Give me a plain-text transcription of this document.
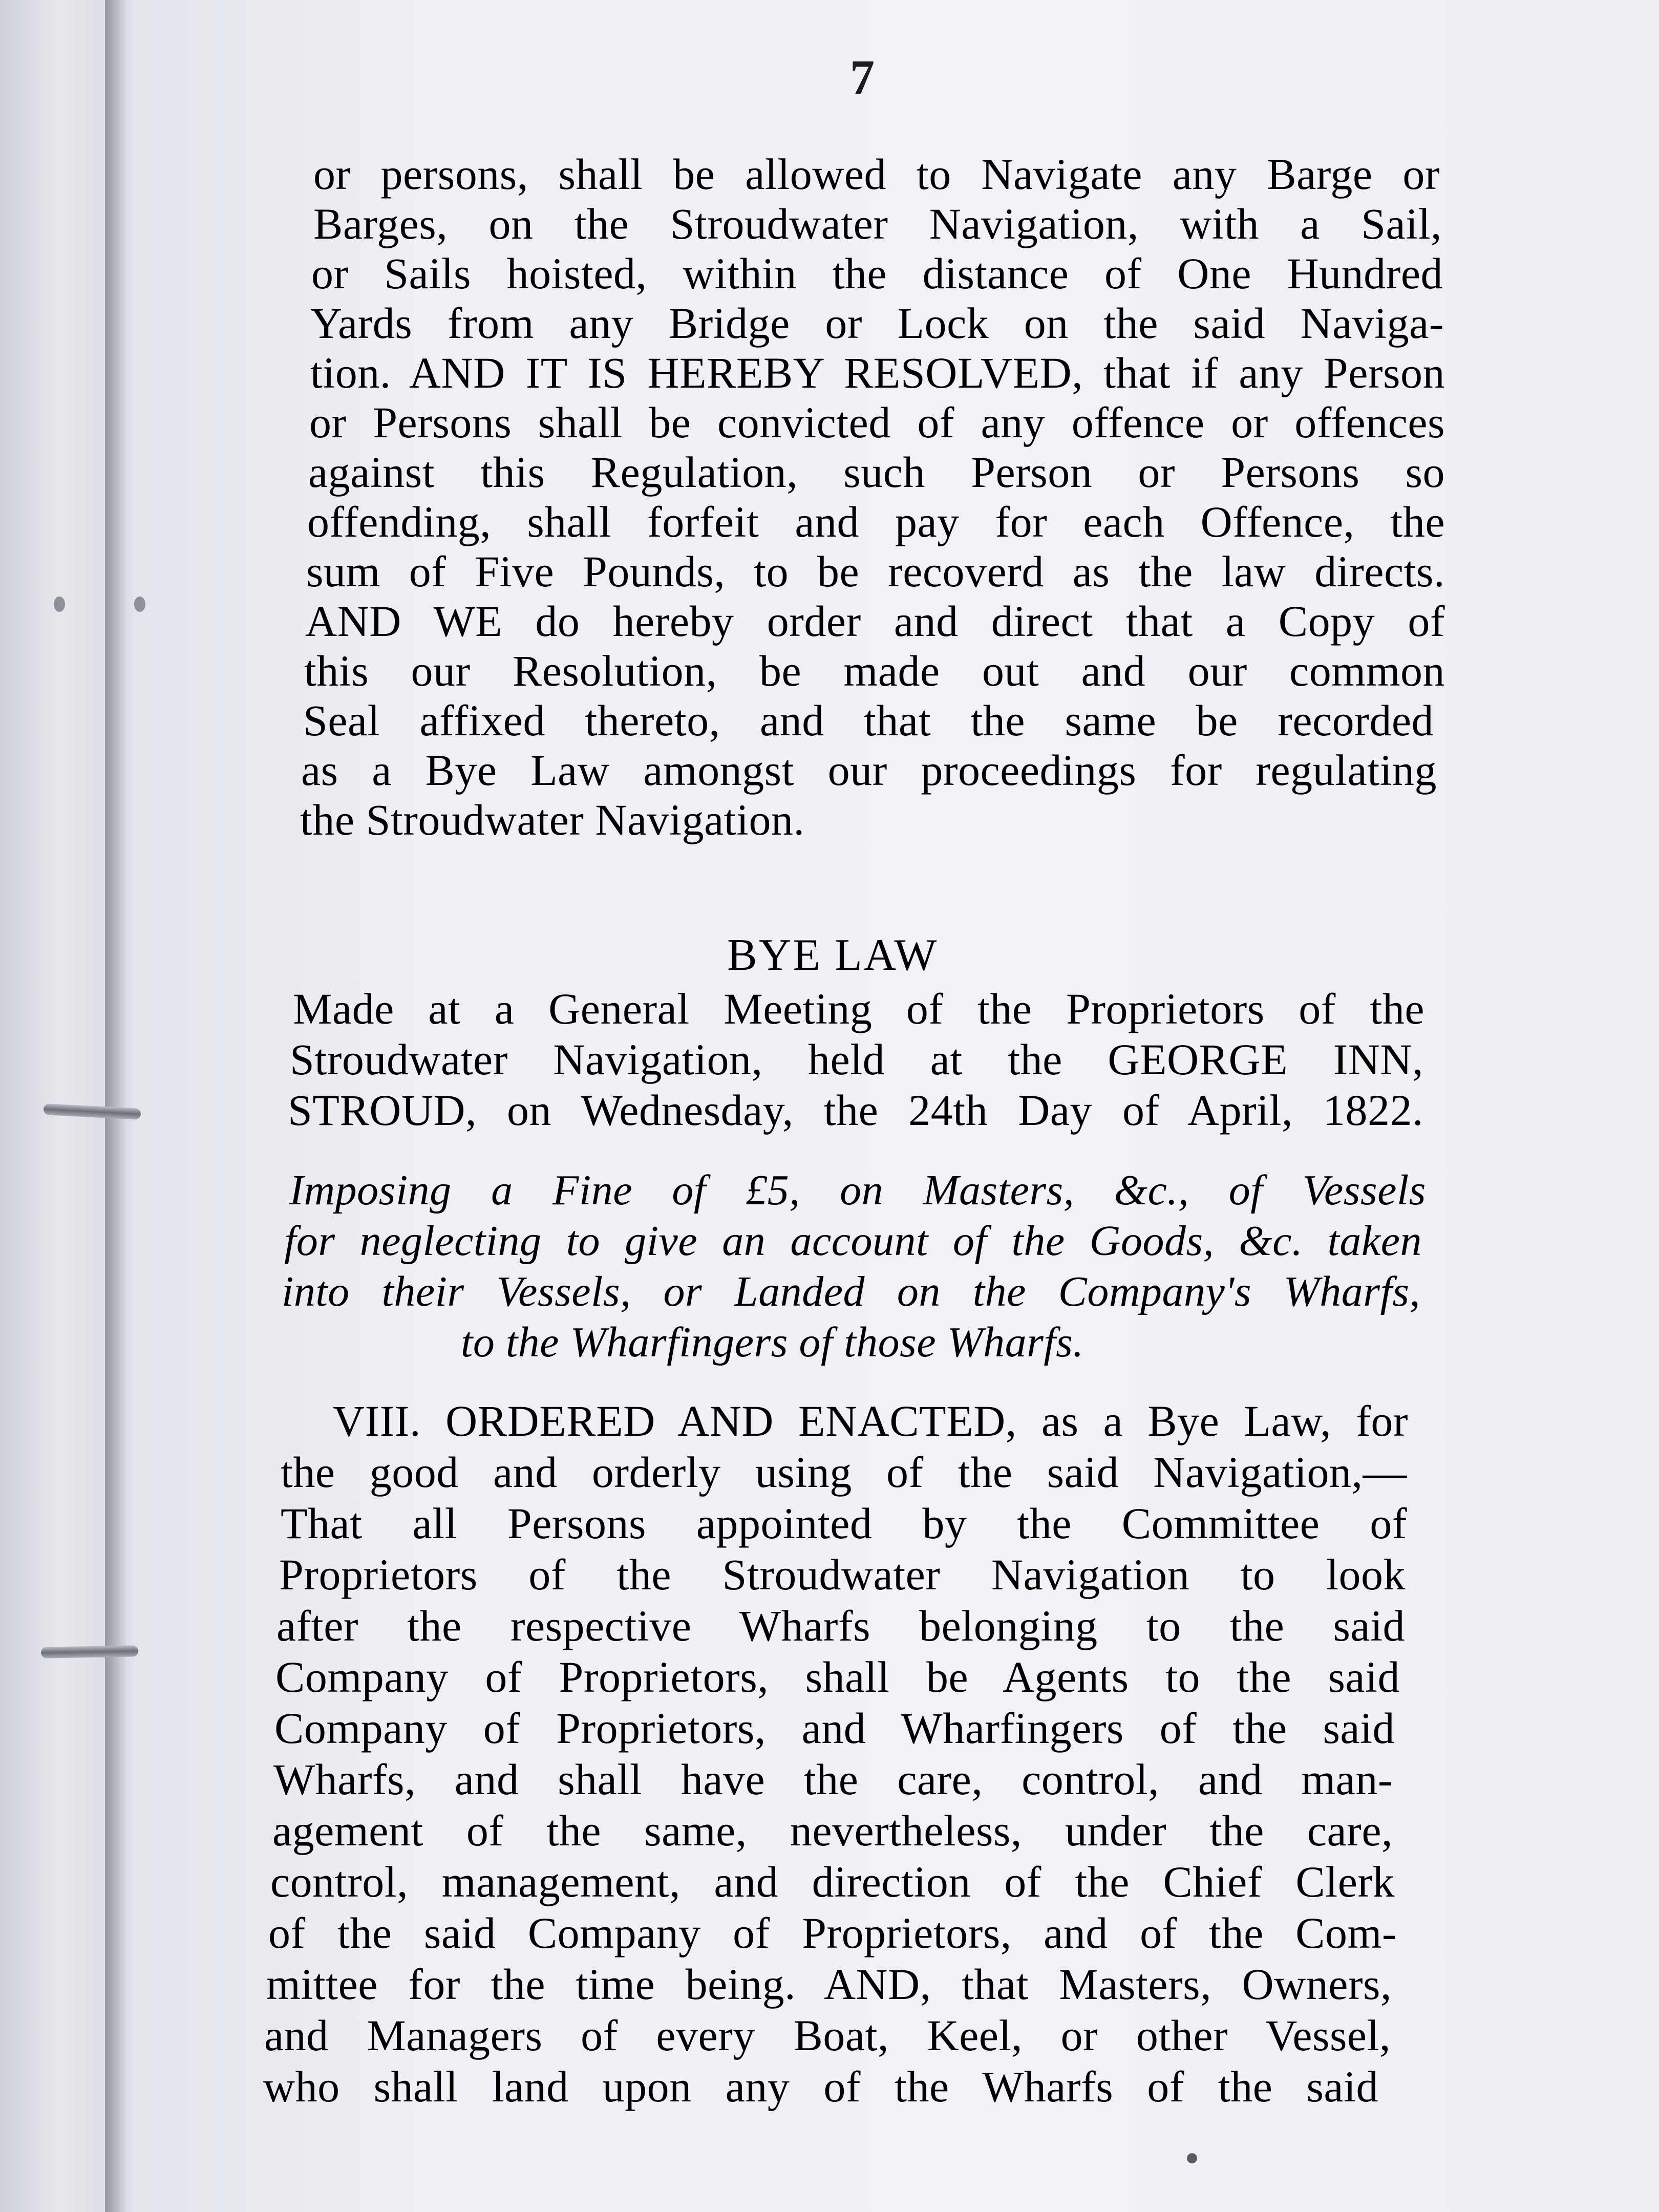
7
or persons, shall be allowed to Navigate any Barge or
Barges, on the Stroudwater Navigation, with a Sail,
or Sails hoisted, within the distance of One Hundred
Yards from any Bridge or Lock on the said Naviga-
tion. AND IT IS HEREBY RESOLVED, that if any Person
or Persons shall be convicted of any offence or offences
against this Regulation, such Person or Persons so
offending, shall forfeit and pay for each Offence, the
sum of Five Pounds, to be recoverd as the law directs.
AND WE do hereby order and direct that a Copy of
this our Resolution, be made out and our common
Seal affixed thereto, and that the same be recorded
as a Bye Law amongst our proceedings for regulating
the Stroudwater Navigation.
BYE LAW
Made at a General Meeting of the Proprietors of the
Stroudwater Navigation, held at the GEORGE INN,
STROUD, on Wednesday, the 24th Day of April, 1822.
Imposing a Fine of £5, on Masters, &c., of Vessels
for neglecting to give an account of the Goods, &c. taken
into their Vessels, or Landed on the Company's Wharfs,
to the Wharfingers of those Wharfs.
VIII. ORDERED AND ENACTED, as a Bye Law, for
the good and orderly using of the said Navigation,—
That all Persons appointed by the Committee of
Proprietors of the Stroudwater Navigation to look
after the respective Wharfs belonging to the said
Company of Proprietors, shall be Agents to the said
Company of Proprietors, and Wharfingers of the said
Wharfs, and shall have the care, control, and man-
agement of the same, nevertheless, under the care,
control, management, and direction of the Chief Clerk
of the said Company of Proprietors, and of the Com-
mittee for the time being. AND, that Masters, Owners,
and Managers of every Boat, Keel, or other Vessel,
who shall land upon any of the Wharfs of the said
